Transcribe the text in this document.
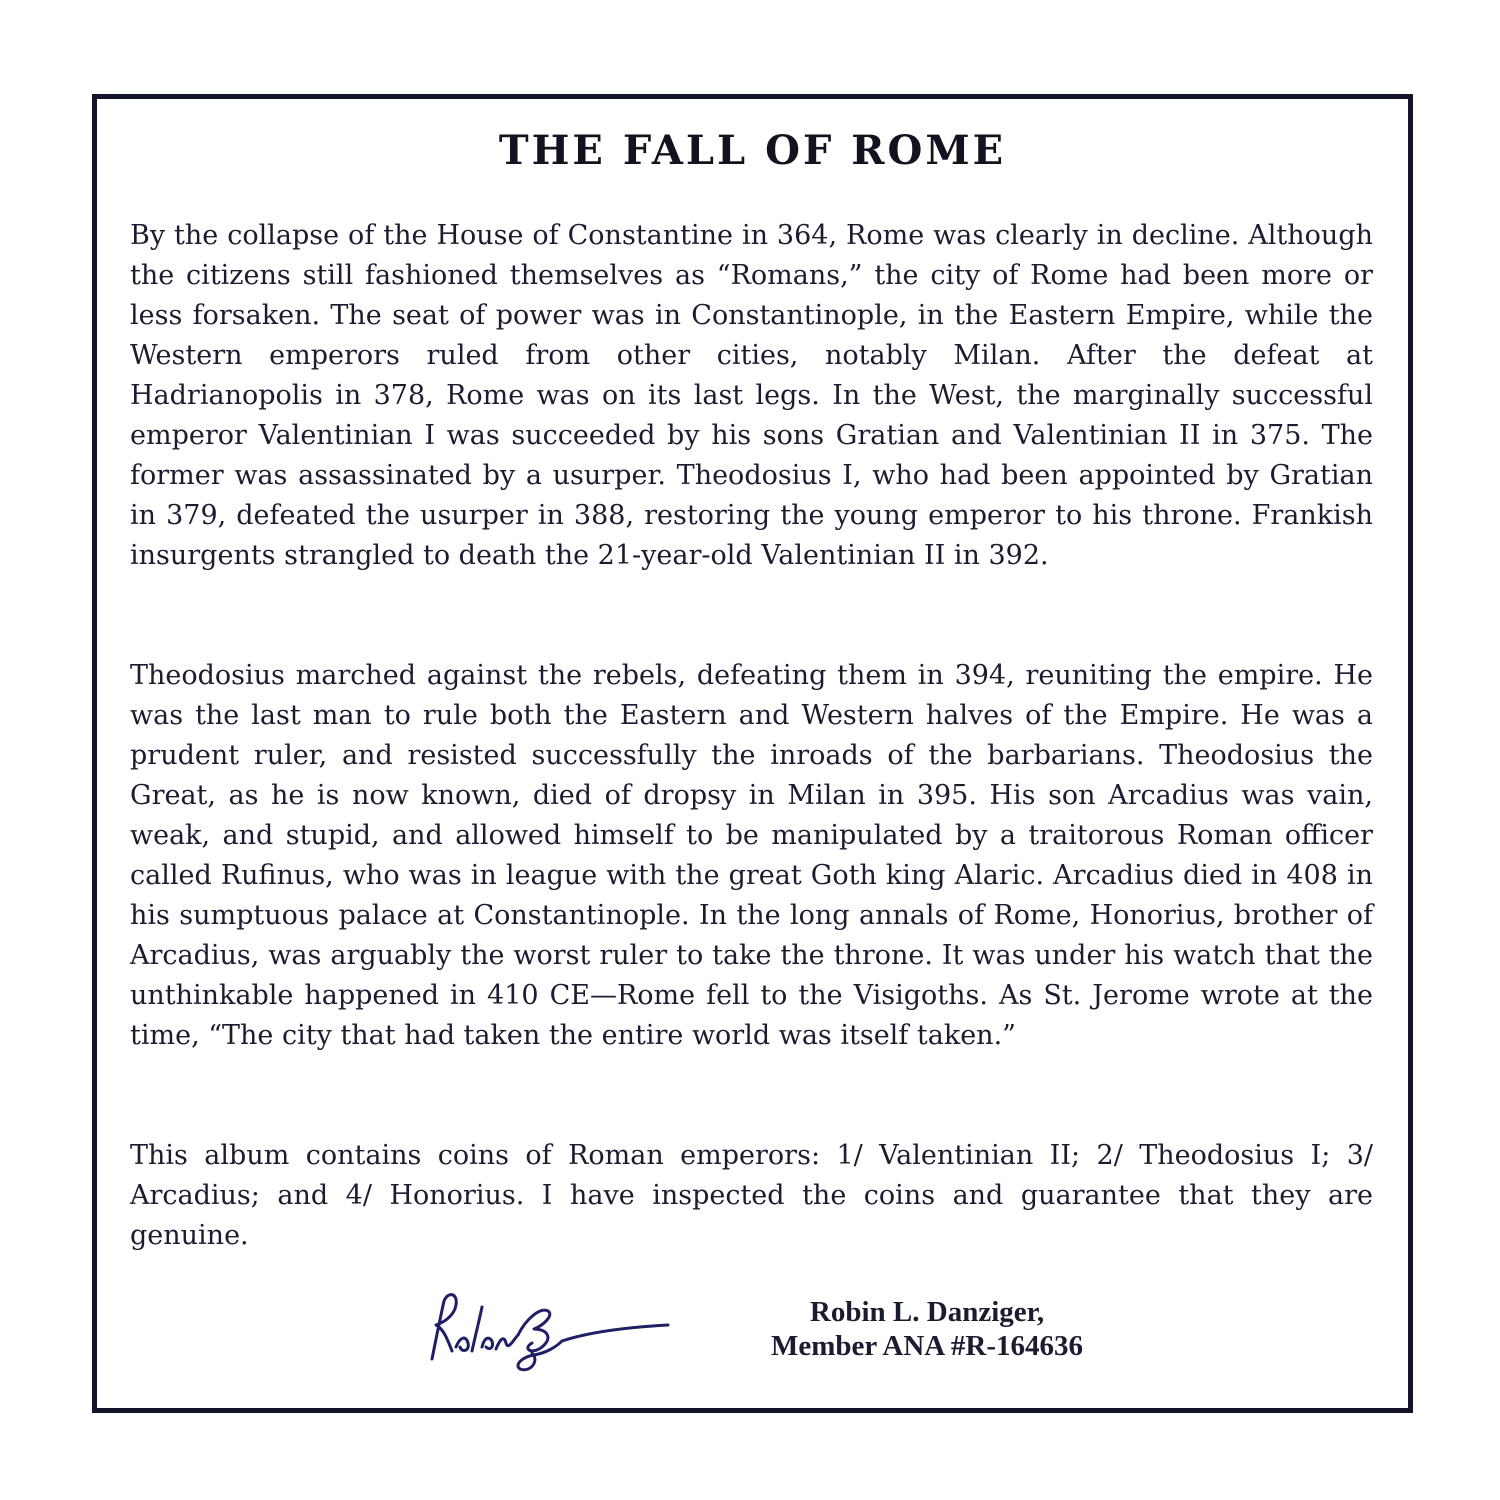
THE FALL OF ROME

By the collapse of the House of Constantine in 364, Rome was clearly in decline. Although the citizens still fashioned themselves as “Romans,” the city of Rome had been more or less forsaken. The seat of power was in Constantinople, in the Eastern Empire, while the Western emperors ruled from other cities, notably Milan. After the defeat at Hadrianopolis in 378, Rome was on its last legs. In the West, the marginally successful emperor Valentinian I was succeeded by his sons Gratian and Valentinian II in 375. The former was assassinated by a usurper. Theodosius I, who had been appointed by Gratian in 379, defeated the usurper in 388, restoring the young emperor to his throne. Frankish insurgents strangled to death the 21-year-old Valentinian II in 392.

Theodosius marched against the rebels, defeating them in 394, reuniting the empire. He was the last man to rule both the Eastern and Western halves of the Empire. He was a prudent ruler, and resisted successfully the inroads of the barbarians. Theodosius the Great, as he is now known, died of dropsy in Milan in 395. His son Arcadius was vain, weak, and stupid, and allowed himself to be manipulated by a traitorous Roman officer called Rufinus, who was in league with the great Goth king Alaric. Arcadius died in 408 in his sumptuous palace at Constantinople. In the long annals of Rome, Honorius, brother of Arcadius, was arguably the worst ruler to take the throne. It was under his watch that the unthinkable happened in 410 CE—Rome fell to the Visigoths. As St. Jerome wrote at the time, “The city that had taken the entire world was itself taken.”

This album contains coins of Roman emperors: 1/ Valentinian II; 2/ Theodosius I; 3/ Arcadius; and 4/ Honorius. I have inspected the coins and guarantee that they are genuine.

Robin L. Danziger,
Member ANA #R-164636
